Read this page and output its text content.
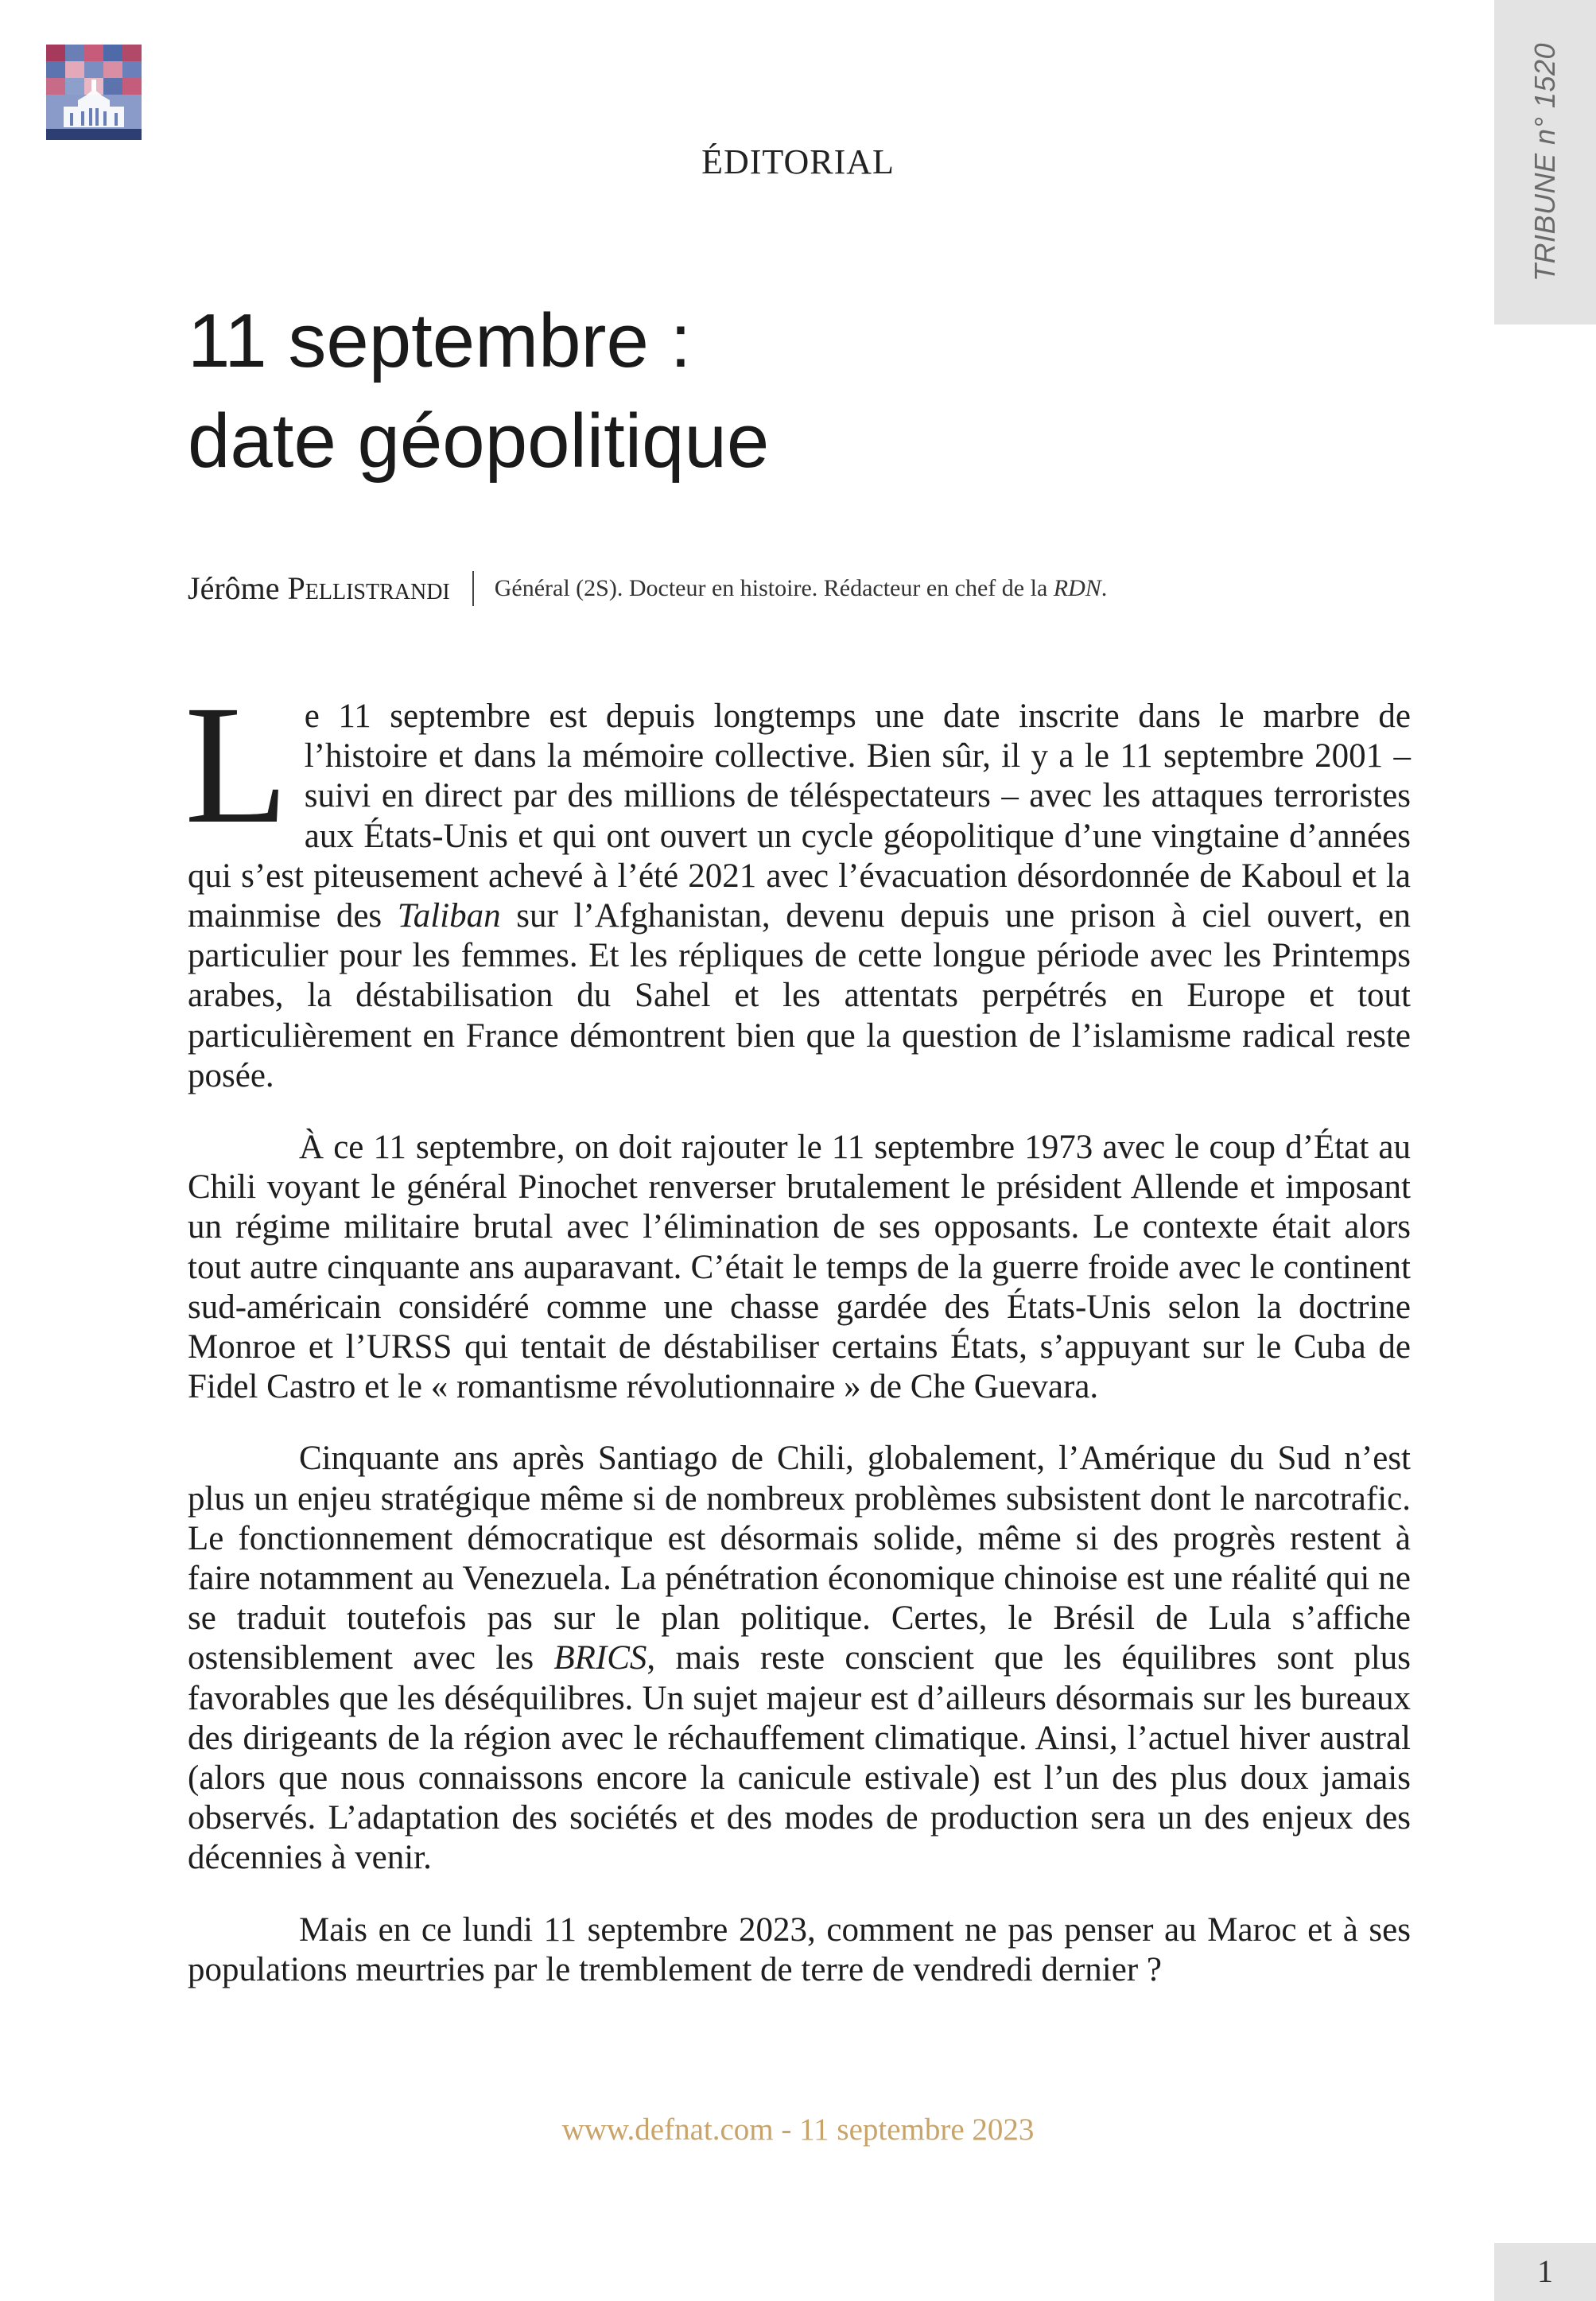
TRIBUNE n° 1520
ÉDITORIAL
11 septembre :
date géopolitique
Jérôme Pellistrandi Général (2S). Docteur en histoire. Rédacteur en chef de la RDN.

Le 11 septembre est depuis longtemps une date inscrite dans le marbre de l’histoire et dans la mémoire collective. Bien sûr, il y a le 11 septembre 2001 – suivi en direct par des millions de téléspectateurs – avec les attaques terroristes aux États-Unis et qui ont ouvert un cycle géopolitique d’une vingtaine d’années qui s’est piteusement achevé à l’été 2021 avec l’évacuation désordonnée de Kaboul et la mainmise des Taliban sur l’Afghanistan, devenu depuis une prison à ciel ouvert, en particulier pour les femmes. Et les répliques de cette longue période avec les Printemps arabes, la déstabilisation du Sahel et les attentats perpétrés en Europe et tout particulièrement en France démontrent bien que la question de l’islamisme radical reste posée.

À ce 11 septembre, on doit rajouter le 11 septembre 1973 avec le coup d’État au Chili voyant le général Pinochet renverser brutalement le président Allende et imposant un régime militaire brutal avec l’élimination de ses opposants. Le contexte était alors tout autre cinquante ans auparavant. C’était le temps de la guerre froide avec le continent sud-américain considéré comme une chasse gardée des États-Unis selon la doctrine Monroe et l’URSS qui tentait de déstabiliser certains États, s’appuyant sur le Cuba de Fidel Castro et le « romantisme révolutionnaire » de Che Guevara.

Cinquante ans après Santiago de Chili, globalement, l’Amérique du Sud n’est plus un enjeu stratégique même si de nombreux problèmes subsistent dont le narcotrafic. Le fonctionnement démocratique est désormais solide, même si des progrès restent à faire notamment au Venezuela. La pénétration économique chinoise est une réalité qui ne se traduit toutefois pas sur le plan politique. Certes, le Brésil de Lula s’affiche ostensiblement avec les BRICS, mais reste conscient que les équilibres sont plus favorables que les déséquilibres. Un sujet majeur est d’ailleurs désormais sur les bureaux des dirigeants de la région avec le réchauffement climatique. Ainsi, l’actuel hiver austral (alors que nous connaissons encore la canicule estivale) est l’un des plus doux jamais observés. L’adaptation des sociétés et des modes de production sera un des enjeux des décennies à venir.

Mais en ce lundi 11 septembre 2023, comment ne pas penser au Maroc et à ses populations meurtries par le tremblement de terre de vendredi dernier ?

www.defnat.com - 11 septembre 2023
1
